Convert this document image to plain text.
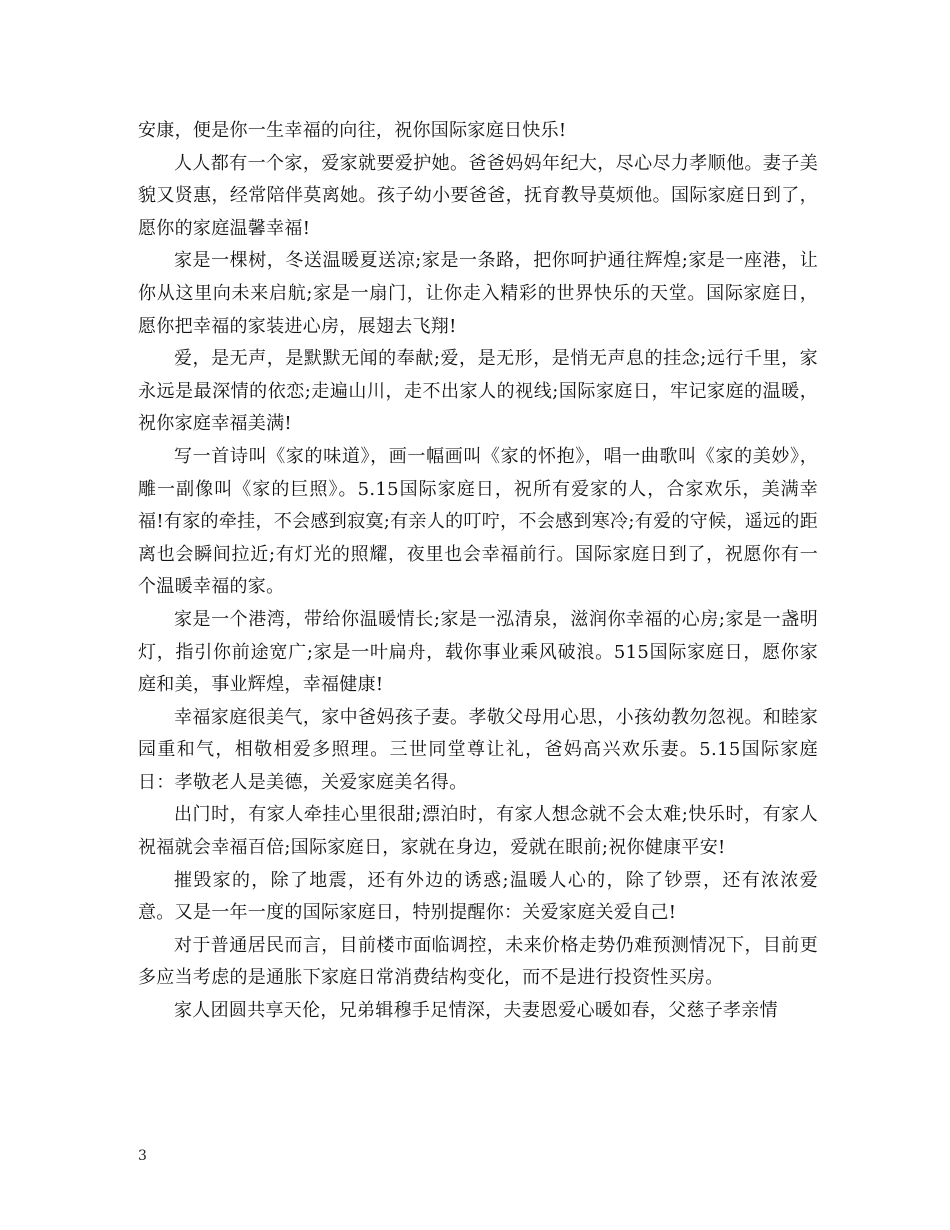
安康，便是你一生幸福的向往，祝你国际家庭日快乐!

人人都有一个家，爱家就要爱护她。爸爸妈妈年纪大，尽心尽力孝顺他。妻子美貌又贤惠，经常陪伴莫离她。孩子幼小要爸爸，抚育教导莫烦他。国际家庭日到了，愿你的家庭温馨幸福!

家是一棵树，冬送温暖夏送凉;家是一条路，把你呵护通往辉煌;家是一座港，让你从这里向未来启航;家是一扇门，让你走入精彩的世界快乐的天堂。国际家庭日，愿你把幸福的家装进心房，展翅去飞翔!

爱，是无声，是默默无闻的奉献;爱，是无形，是悄无声息的挂念;远行千里，家永远是最深情的依恋;走遍山川，走不出家人的视线;国际家庭日，牢记家庭的温暖，祝你家庭幸福美满!

写一首诗叫《家的味道》，画一幅画叫《家的怀抱》，唱一曲歌叫《家的美妙》，雕一副像叫《家的巨照》。5.15国际家庭日，祝所有爱家的人，合家欢乐，美满幸福!有家的牵挂，不会感到寂寞;有亲人的叮咛，不会感到寒冷;有爱的守候，遥远的距离也会瞬间拉近;有灯光的照耀，夜里也会幸福前行。国际家庭日到了，祝愿你有一个温暖幸福的家。

家是一个港湾，带给你温暖情长;家是一泓清泉，滋润你幸福的心房;家是一盏明灯，指引你前途宽广;家是一叶扁舟，载你事业乘风破浪。515国际家庭日，愿你家庭和美，事业辉煌，幸福健康!

幸福家庭很美气，家中爸妈孩子妻。孝敬父母用心思，小孩幼教勿忽视。和睦家园重和气，相敬相爱多照理。三世同堂尊让礼，爸妈高兴欢乐妻。5.15国际家庭日：孝敬老人是美德，关爱家庭美名得。

出门时，有家人牵挂心里很甜;漂泊时，有家人想念就不会太难;快乐时，有家人祝福就会幸福百倍;国际家庭日，家就在身边，爱就在眼前;祝你健康平安!

摧毁家的，除了地震，还有外边的诱惑;温暖人心的，除了钞票，还有浓浓爱意。又是一年一度的国际家庭日，特别提醒你：关爱家庭关爱自己!

对于普通居民而言，目前楼市面临调控，未来价格走势仍难预测情况下，目前更多应当考虑的是通胀下家庭日常消费结构变化，而不是进行投资性买房。

家人团圆共享天伦，兄弟辑穆手足情深，夫妻恩爱心暖如春，父慈子孝亲情

3
